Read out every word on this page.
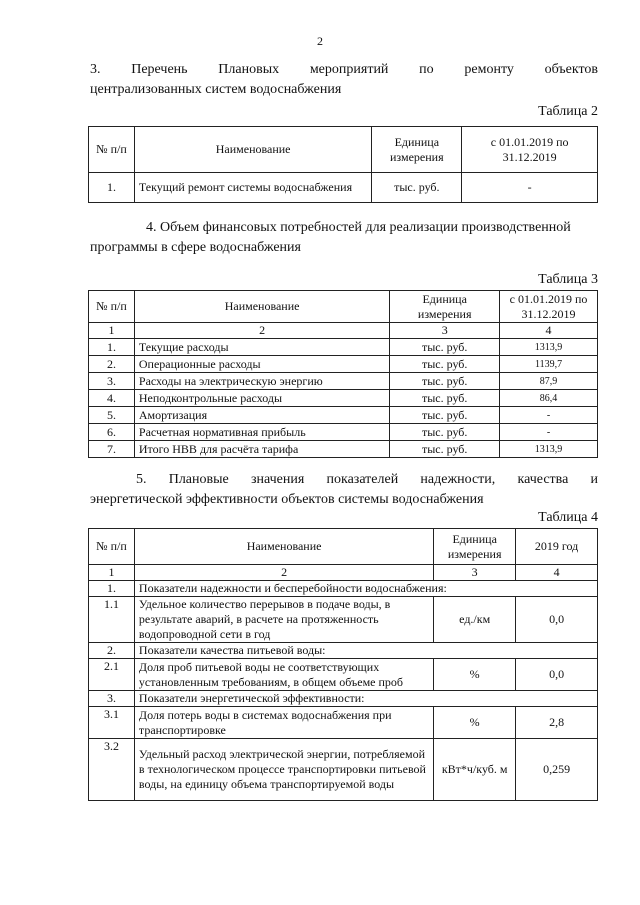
2
3. Перечень Плановых мероприятий по ремонту объектов
централизованных систем водоснабжения
Таблица 2
№ п/п	Наименование	Единица измерения	с 01.01.2019 по 31.12.2019
1.	Текущий ремонт системы водоснабжения	тыс. руб.	-
4. Объем финансовых потребностей для реализации производственной
программы в сфере водоснабжения
Таблица 3
№ п/п	Наименование	Единица измерения	с 01.01.2019 по 31.12.2019
1	2	3	4
1.	Текущие расходы	тыс. руб.	1313,9
2.	Операционные расходы	тыс. руб.	1139,7
3.	Расходы на электрическую энергию	тыс. руб.	87,9
4.	Неподконтрольные расходы	тыс. руб.	86,4
5.	Амортизация	тыс. руб.	-
6.	Расчетная нормативная прибыль	тыс. руб.	-
7.	Итого НВВ для расчёта тарифа	тыс. руб.	1313,9
5. Плановые значения показателей надежности, качества и
энергетической эффективности объектов системы водоснабжения
Таблица 4
№ п/п	Наименование	Единица измерения	2019 год
1	2	3	4
1.	Показатели надежности и бесперебойности водоснабжения:		
1.1	Удельное количество перерывов в подаче воды, в результате аварий, в расчете на протяженность водопроводной сети в год	ед./км	0,0
2.	Показатели качества питьевой воды:		
2.1	Доля проб питьевой воды не соответствующих установленным требованиям, в общем объеме проб	%	0,0
3.	Показатели энергетической эффективности:		
3.1	Доля потерь воды в системах водоснабжения при транспортировке	%	2,8
3.2	Удельный расход электрической энергии, потребляемой в технологическом процессе транспортировки питьевой воды, на единицу объема транспортируемой воды	кВт*ч/куб. м	0,259
